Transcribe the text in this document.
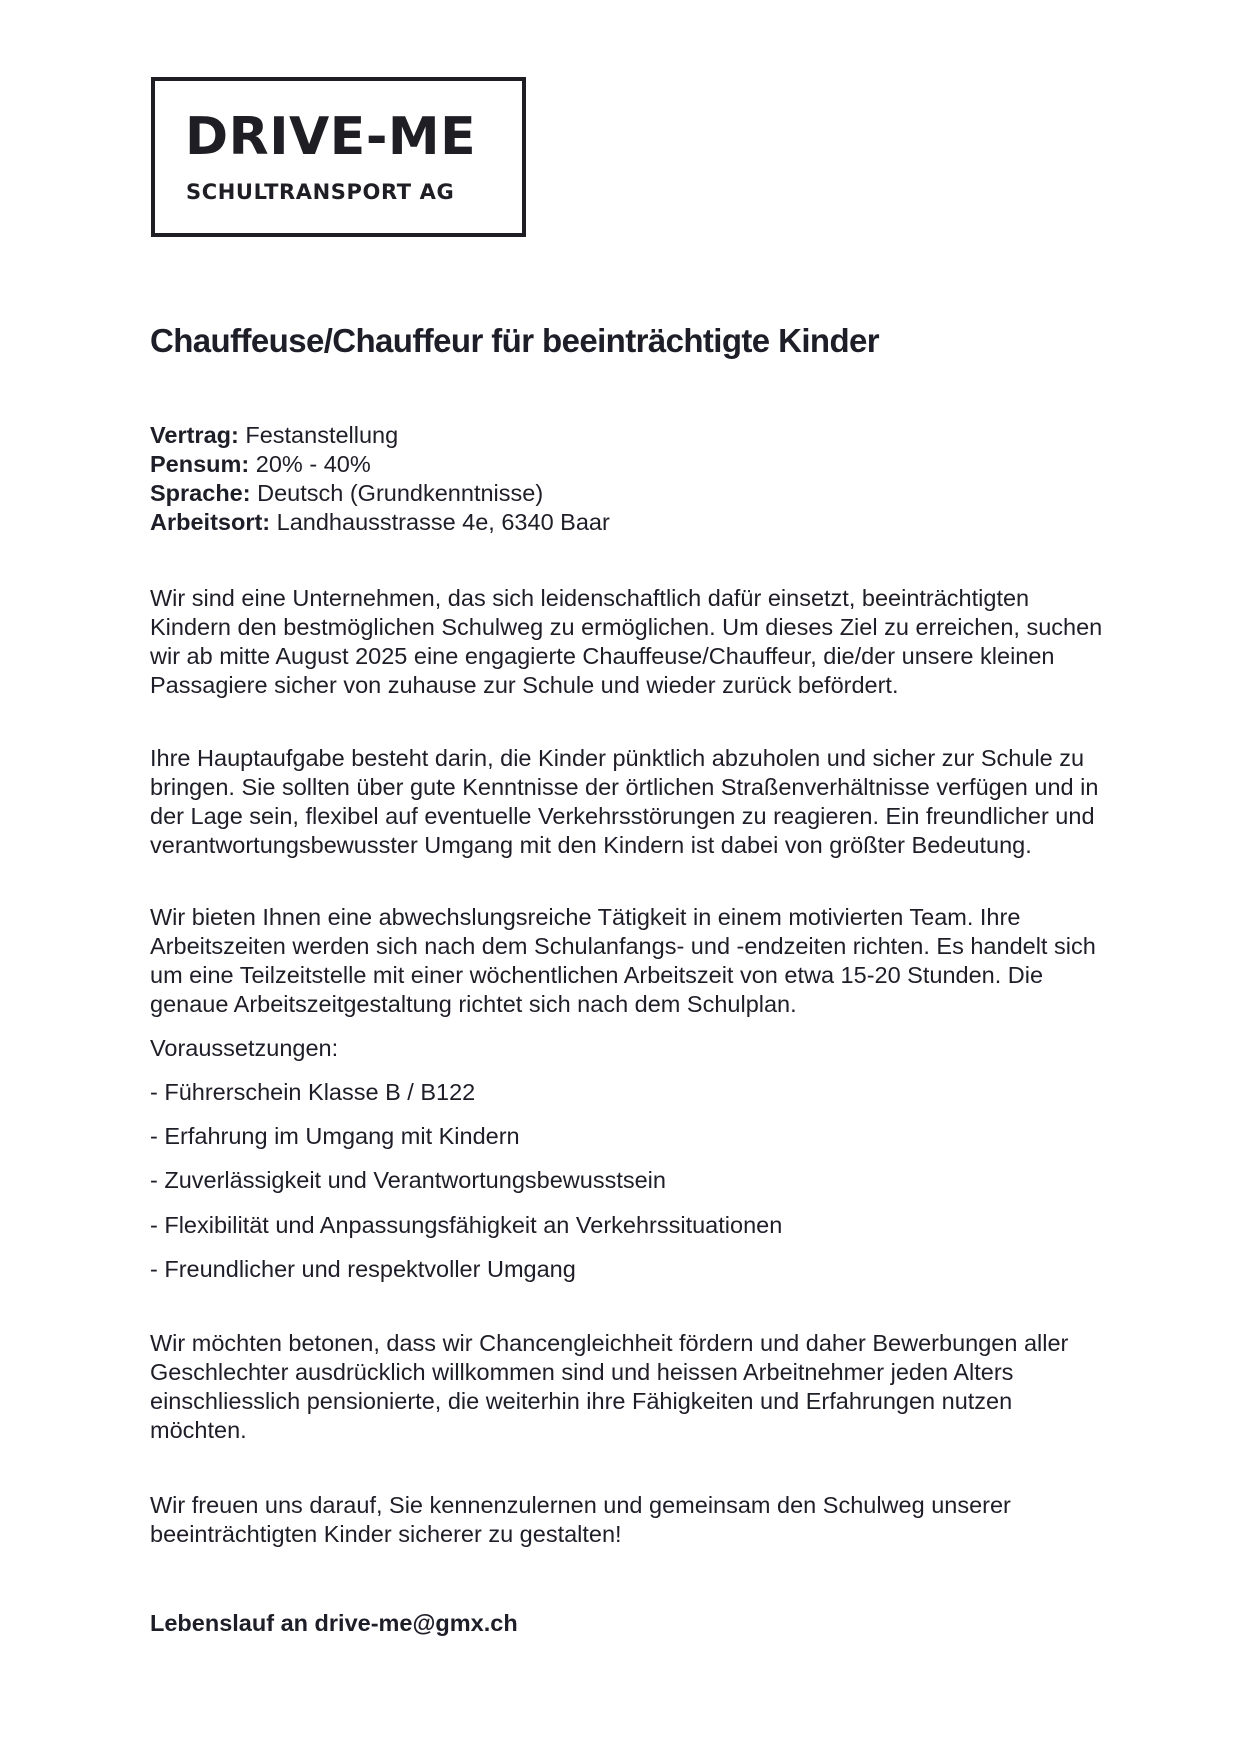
DRIVE-ME
SCHULTRANSPORT AG
Chauffeuse/Chauffeur für beeinträchtigte Kinder
Vertrag: Festanstellung
Pensum: 20% - 40%
Sprache: Deutsch (Grundkenntnisse)
Arbeitsort: Landhausstrasse 4e, 6340 Baar

Wir sind eine Unternehmen, das sich leidenschaftlich dafür einsetzt, beeinträchtigten Kindern den bestmöglichen Schulweg zu ermöglichen. Um dieses Ziel zu erreichen, suchen wir ab mitte August 2025 eine engagierte Chauffeuse/Chauffeur, die/der unsere kleinen Passagiere sicher von zuhause zur Schule und wieder zurück befördert.

Ihre Hauptaufgabe besteht darin, die Kinder pünktlich abzuholen und sicher zur Schule zu bringen. Sie sollten über gute Kenntnisse der örtlichen Straßenverhältnisse verfügen und in der Lage sein, flexibel auf eventuelle Verkehrsstörungen zu reagieren. Ein freundlicher und verantwortungsbewusster Umgang mit den Kindern ist dabei von größter Bedeutung.

Wir bieten Ihnen eine abwechslungsreiche Tätigkeit in einem motivierten Team. Ihre Arbeitszeiten werden sich nach dem Schulanfangs- und -endzeiten richten. Es handelt sich um eine Teilzeitstelle mit einer wöchentlichen Arbeitszeit von etwa 15-20 Stunden. Die genaue Arbeitszeitgestaltung richtet sich nach dem Schulplan.

Voraussetzungen:

- Führerschein Klasse B / B122
- Erfahrung im Umgang mit Kindern
- Zuverlässigkeit und Verantwortungsbewusstsein
- Flexibilität und Anpassungsfähigkeit an Verkehrssituationen
- Freundlicher und respektvoller Umgang

Wir möchten betonen, dass wir Chancengleichheit fördern und daher Bewerbungen aller Geschlechter ausdrücklich willkommen sind und heissen Arbeitnehmer jeden Alters einschliesslich pensionierte, die weiterhin ihre Fähigkeiten und Erfahrungen nutzen möchten.

Wir freuen uns darauf, Sie kennenzulernen und gemeinsam den Schulweg unserer beeinträchtigten Kinder sicherer zu gestalten!

Lebenslauf an drive-me@gmx.ch
